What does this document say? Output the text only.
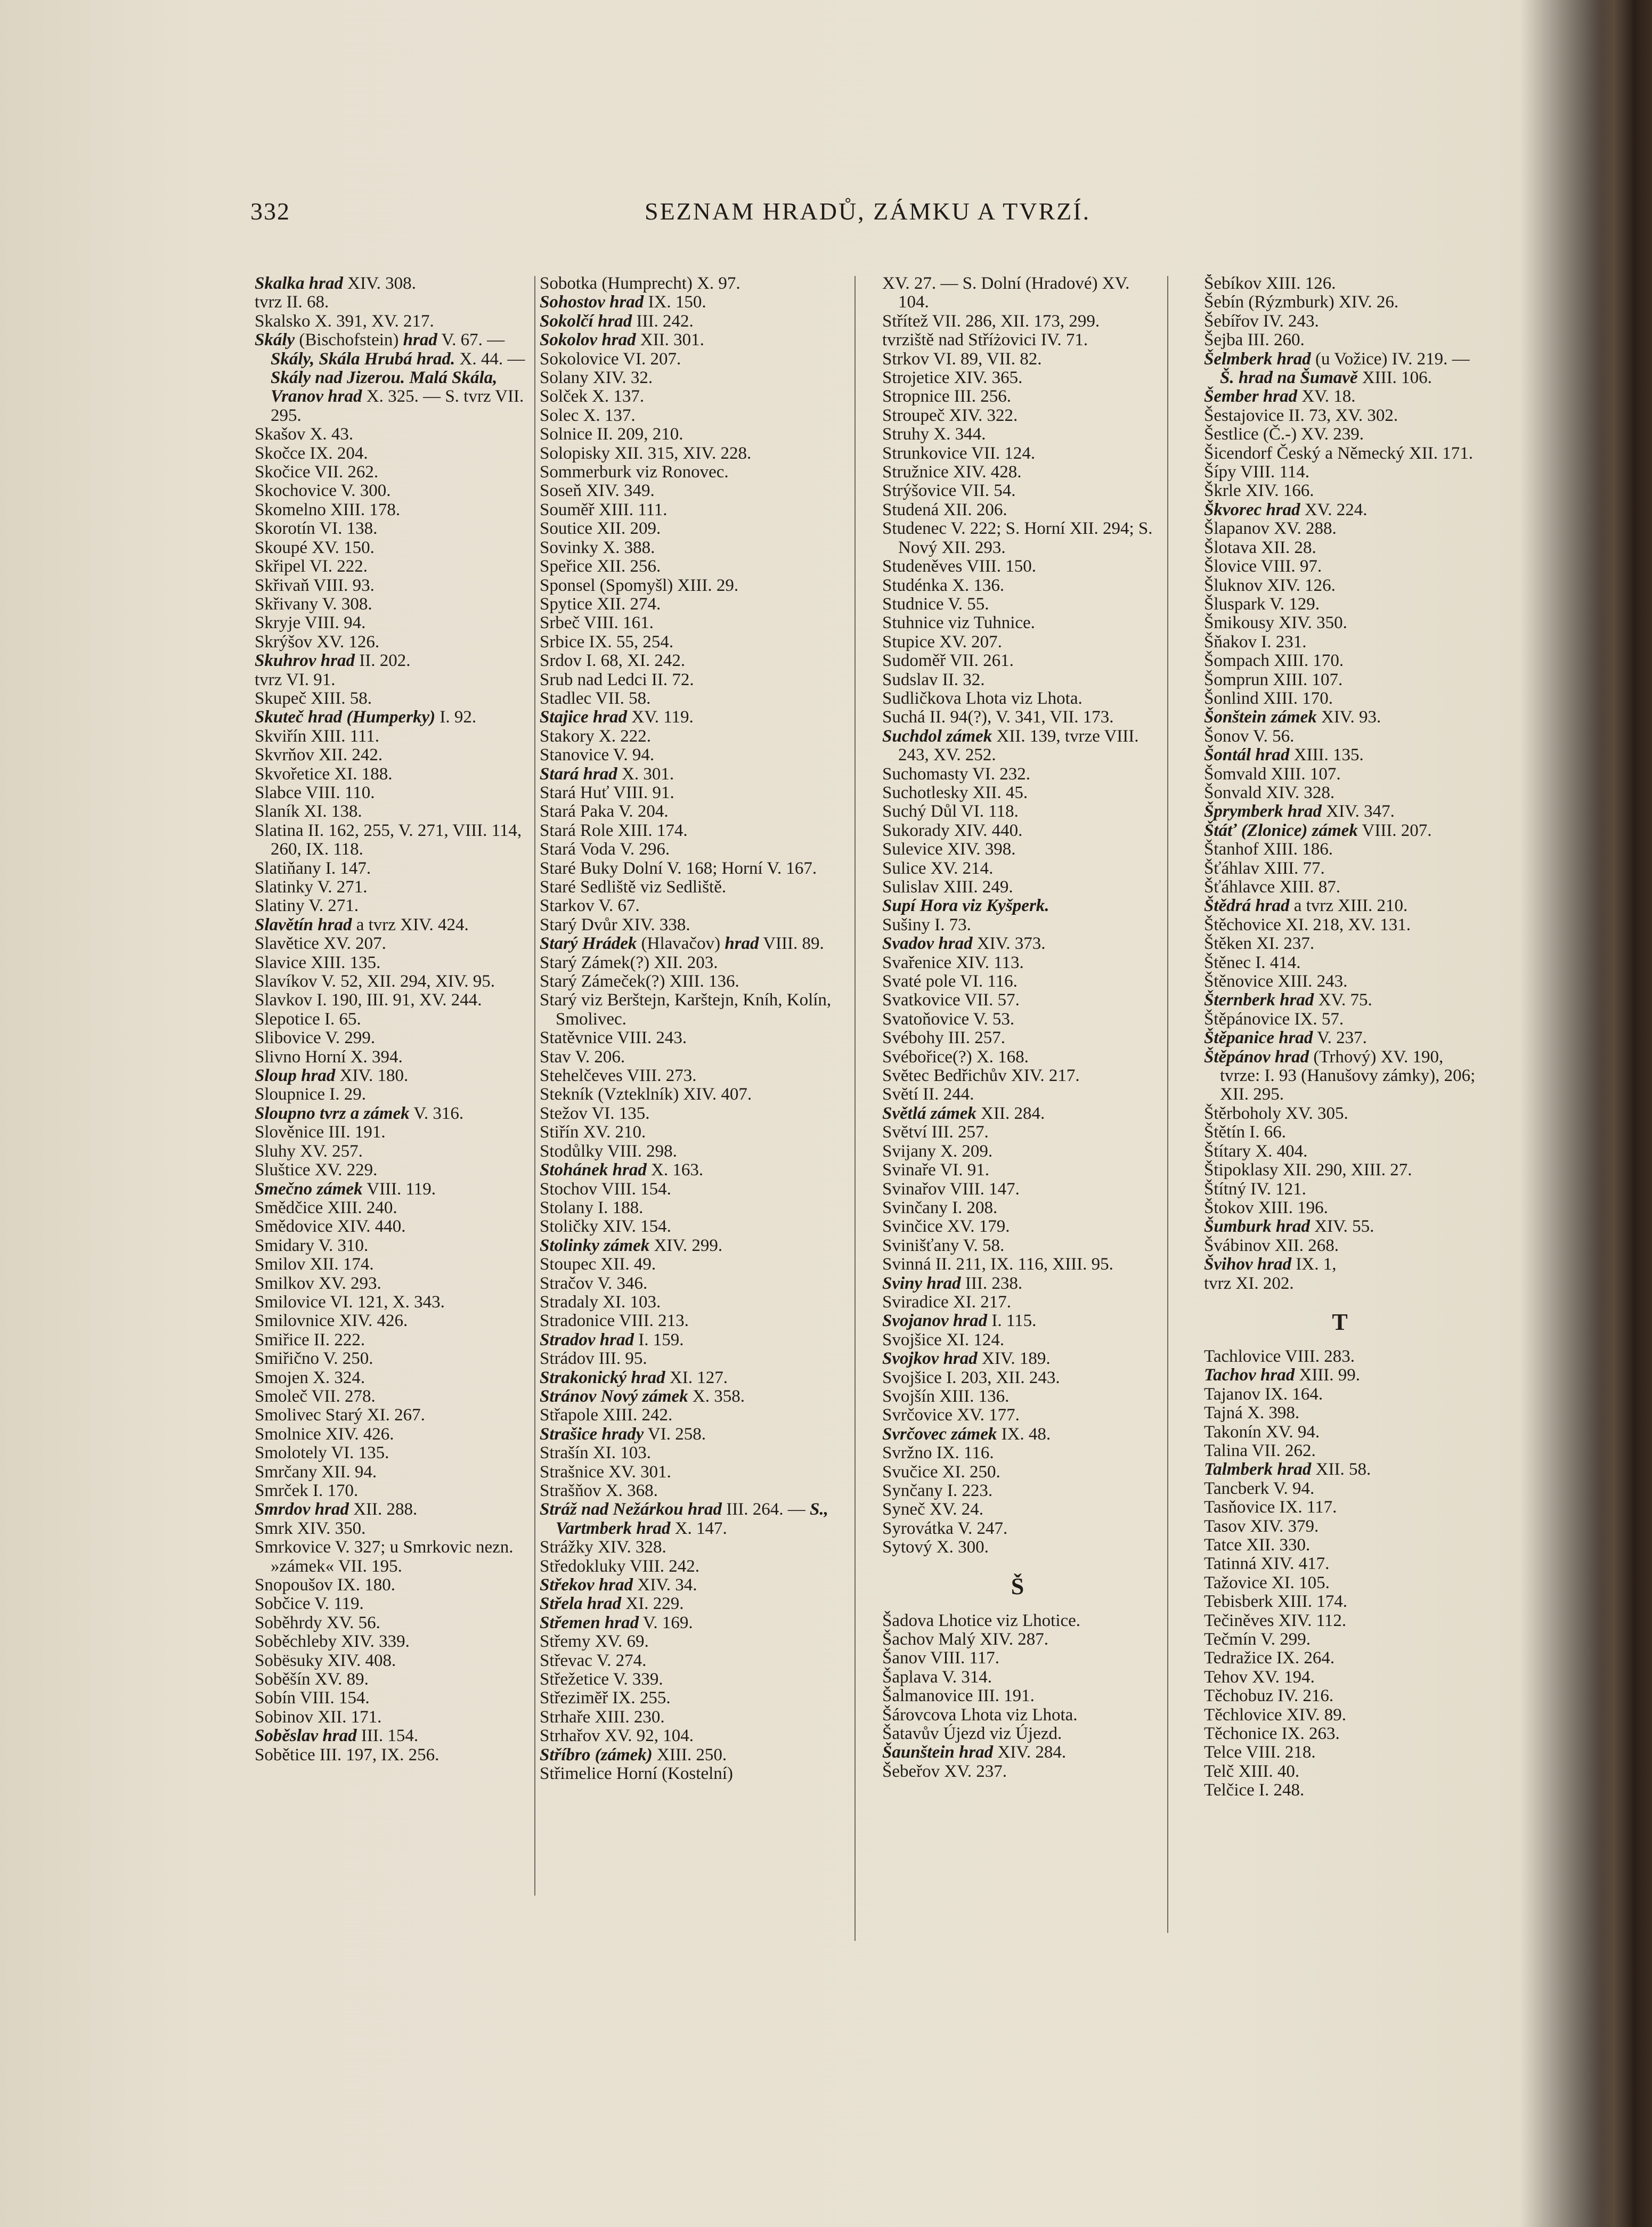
332	SEZNAM HRADŮ, ZÁMKU A TVRZÍ.
Skalka hrad XIV. 308.
tvrz II. 68.
Skalsko X. 391, XV. 217.
Skály (Bischofstein) hrad V. 67. — Skály, Skála Hrubá hrad. X. 44. — Skály nad Jizerou. Malá Skála, Vranov hrad X. 325. — S. tvrz VII. 295.
Skašov X. 43.
Skočce IX. 204.
Skočice VII. 262.
Skochovice V. 300.
Skomelno XIII. 178.
Skorotín VI. 138.
Skoupé XV. 150.
Skřipel VI. 222.
Skřivaň VIII. 93.
Skřivany V. 308.
Skryje VIII. 94.
Skrýšov XV. 126.
Skuhrov hrad II. 202.
tvrz VI. 91.
Skupeč XIII. 58.
Skuteč hrad (Humperky) I. 92.
Skviřín XIII. 111.
Skvrňov XII. 242.
Skvořetice XI. 188.
Slabce VIII. 110.
Slaník XI. 138.
Slatina II. 162, 255, V. 271, VIII. 114, 260, IX. 118.
Slatiňany I. 147.
Slatinky V. 271.
Slatiny V. 271.
Slavětín hrad a tvrz XIV. 424.
Slavětice XV. 207.
Slavice XIII. 135.
Slavíkov V. 52, XII. 294, XIV. 95.
Slavkov I. 190, III. 91, XV. 244.
Slepotice I. 65.
Slibovice V. 299.
Slivno Horní X. 394.
Sloup hrad XIV. 180.
Sloupnice I. 29.
Sloupno tvrz a zámek V. 316.
Slověnice III. 191.
Sluhy XV. 257.
Sluštice XV. 229.
Smečno zámek VIII. 119.
Smědčice XIII. 240.
Smědovice XIV. 440.
Smidary V. 310.
Smilov XII. 174.
Smilkov XV. 293.
Smilovice VI. 121, X. 343.
Smilovnice XIV. 426.
Smiřice II. 222.
Smiřično V. 250.
Smojen X. 324.
Smoleč VII. 278.
Smolivec Starý XI. 267.
Smolnice XIV. 426.
Smolotely VI. 135.
Smrčany XII. 94.
Smrček I. 170.
Smrdov hrad XII. 288.
Smrk XIV. 350.
Smrkovice V. 327; u Smrkovic nezn. »zámek« VII. 195.
Snopoušov IX. 180.
Sobčice V. 119.
Soběhrdy XV. 56.
Soběchleby XIV. 339.
Sobësuky XIV. 408.
Soběšín XV. 89.
Sobín VIII. 154.
Sobinov XII. 171.
Soběslav hrad III. 154.
Sobětice III. 197, IX. 256.
Sobotka (Humprecht) X. 97.
Sohostov hrad IX. 150.
Sokolčí hrad III. 242.
Sokolov hrad XII. 301.
Sokolovice VI. 207.
Solany XIV. 32.
Solček X. 137.
Solec X. 137.
Solnice II. 209, 210.
Solopisky XII. 315, XIV. 228.
Sommerburk viz Ronovec.
Soseň XIV. 349.
Souměř XIII. 111.
Soutice XII. 209.
Sovinky X. 388.
Speřice XII. 256.
Sponsel (Spomyšl) XIII. 29.
Spytice XII. 274.
Srbeč VIII. 161.
Srbice IX. 55, 254.
Srdov I. 68, XI. 242.
Srub nad Ledci II. 72.
Stadlec VII. 58.
Stajice hrad XV. 119.
Stakory X. 222.
Stanovice V. 94.
Stará hrad X. 301.
Stará Huť VIII. 91.
Stará Paka V. 204.
Stará Role XIII. 174.
Stará Voda V. 296.
Staré Buky Dolní V. 168; Horní V. 167.
Staré Sedliště viz Sedliště.
Starkov V. 67.
Starý Dvůr XIV. 338.
Starý Hrádek (Hlavačov) hrad VIII. 89.
Starý Zámek(?) XII. 203.
Starý Zámeček(?) XIII. 136.
Starý viz Berštejn, Karštejn, Kníh, Kolín, Smolivec.
Statěvnice VIII. 243.
Stav V. 206.
Stehelčeves VIII. 273.
Stekník (Vzteklník) XIV. 407.
Stežov VI. 135.
Stiřín XV. 210.
Stodůlky VIII. 298.
Stohánek hrad X. 163.
Stochov VIII. 154.
Stolany I. 188.
Stoličky XIV. 154.
Stolinky zámek XIV. 299.
Stoupec XII. 49.
Stračov V. 346.
Stradaly XI. 103.
Stradonice VIII. 213.
Stradov hrad I. 159.
Strádov III. 95.
Strakonický hrad XI. 127.
Stránov Nový zámek X. 358.
Střapole XIII. 242.
Strašice hrady VI. 258.
Strašín XI. 103.
Strašnice XV. 301.
Strašňov X. 368.
Stráž nad Nežárkou hrad III. 264. — S., Vartmberk hrad X. 147.
Strážky XIV. 328.
Středokluky VIII. 242.
Střekov hrad XIV. 34.
Střela hrad XI. 229.
Střemen hrad V. 169.
Střemy XV. 69.
Střevac V. 274.
Střežetice V. 339.
Střezimĕř IX. 255.
Strhaře XIII. 230.
Strhařov XV. 92, 104.
Stříbro (zámek) XIII. 250.
Střimelice Horní (Kostelní)
XV. 27. — S. Dolní (Hradové) XV. 104.
Střítež VII. 286, XII. 173, 299.
tvrziště nad Stříżovici IV. 71.
Strkov VI. 89, VII. 82.
Strojetice XIV. 365.
Stropnice III. 256.
Stroupeč XIV. 322.
Struhy X. 344.
Strunkovice VII. 124.
Stružnice XIV. 428.
Strýšovice VII. 54.
Studená XII. 206.
Studenec V. 222; S. Horní XII. 294; S. Nový XII. 293.
Studeněves VIII. 150.
Studénka X. 136.
Studnice V. 55.
Stuhnice viz Tuhnice.
Stupice XV. 207.
Sudoměř VII. 261.
Sudslav II. 32.
Sudličkova Lhota viz Lhota.
Suchá II. 94(?), V. 341, VII. 173.
Suchdol zámek XII. 139, tvrze VIII. 243, XV. 252.
Suchomasty VI. 232.
Suchotlesky XII. 45.
Suchý Důl VI. 118.
Sukorady XIV. 440.
Sulevice XIV. 398.
Sulice XV. 214.
Sulislav XIII. 249.
Supí Hora viz Kyšperk.
Sušiny I. 73.
Svadov hrad XIV. 373.
Svařenice XIV. 113.
Svaté pole VI. 116.
Svatkovice VII. 57.
Svatoňovice V. 53.
Svébohy III. 257.
Svébořice(?) X. 168.
Svĕtec Bedřichův XIV. 217.
Svĕtí II. 244.
Světlá zámek XII. 284.
Svĕtví III. 257.
Svijany X. 209.
Svinaře VI. 91.
Svinařov VIII. 147.
Svinčany I. 208.
Svinčice XV. 179.
Svinišťany V. 58.
Svinná II. 211, IX. 116, XIII. 95.
Sviny hrad III. 238.
Sviradice XI. 217.
Svojanov hrad I. 115.
Svojšice XI. 124.
Svojkov hrad XIV. 189.
Svojšice I. 203, XII. 243.
Svojšín XIII. 136.
Svrčovice XV. 177.
Svrčovec zámek IX. 48.
Svržno IX. 116.
Svučice XI. 250.
Synčany I. 223.
Syneč XV. 24.
Syrovátka V. 247.
Sytový X. 300.
Š
Šadova Lhotice viz Lhotice.
Šachov Malý XIV. 287.
Šanov VIII. 117.
Šaplava V. 314.
Šalmanovice III. 191.
Šárovcova Lhota viz Lhota.
Šatavův Újezd viz Újezd.
Šaunštein hrad XIV. 284.
Šebeřov XV. 237.
Šebíkov XIII. 126.
Šebín (Rýzmburk) XIV. 26.
Šebířov IV. 243.
Šejba III. 260.
Šelmberk hrad (u Vožice) IV. 219. — Š. hrad na Šumavě XIII. 106.
Šember hrad XV. 18.
Šestajovice II. 73, XV. 302.
Šestlice (Č.-) XV. 239.
Šicendorf Český a Německý XII. 171.
Šípy VIII. 114.
Škrle XIV. 166.
Škvorec hrad XV. 224.
Šlapanov XV. 288.
Šlotava XII. 28.
Šlovice VIII. 97.
Šluknov XIV. 126.
Šluspark V. 129.
Šmikousy XIV. 350.
Šňakov I. 231.
Šompach XIII. 170.
Šomprun XIII. 107.
Šonlind XIII. 170.
Šonštein zámek XIV. 93.
Šonov V. 56.
Šontál hrad XIII. 135.
Šomvald XIII. 107.
Šonvald XIV. 328.
Šprymberk hrad XIV. 347.
Štáť (Zlonice) zámek VIII. 207.
Štanhof XIII. 186.
Šťáhlav XIII. 77.
Šťáhlavce XIII. 87.
Štědrá hrad a tvrz XIII. 210.
Štěchovice XI. 218, XV. 131.
Štěken XI. 237.
Štěnec I. 414.
Štěnovice XIII. 243.
Šternberk hrad XV. 75.
Štěpánovice IX. 57.
Štěpanice hrad V. 237.
Štěpánov hrad (Trhový) XV. 190, tvrze: I. 93 (Hanušovy zámky), 206; XII. 295.
Štěrboholy XV. 305.
Štětín I. 66.
Štítary X. 404.
Štipoklasy XII. 290, XIII. 27.
Štítný IV. 121.
Štokov XIII. 196.
Šumburk hrad XIV. 55.
Švábinov XII. 268.
Švihov hrad IX. 1,
tvrz XI. 202.
T
Tachlovice VIII. 283.
Tachov hrad XIII. 99.
Tajanov IX. 164.
Tajná X. 398.
Takonín XV. 94.
Talina VII. 262.
Talmberk hrad XII. 58.
Tancberk V. 94.
Tasňovice IX. 117.
Tasov XIV. 379.
Tatce XII. 330.
Tatinná XIV. 417.
Tažovice XI. 105.
Tebisberk XIII. 174.
Tečiněves XIV. 112.
Tečmín V. 299.
Tedražice IX. 264.
Tehov XV. 194.
Těchobuz IV. 216.
Těchlovice XIV. 89.
Těchonice IX. 263.
Telce VIII. 218.
Telč XIII. 40.
Telčice I. 248.
